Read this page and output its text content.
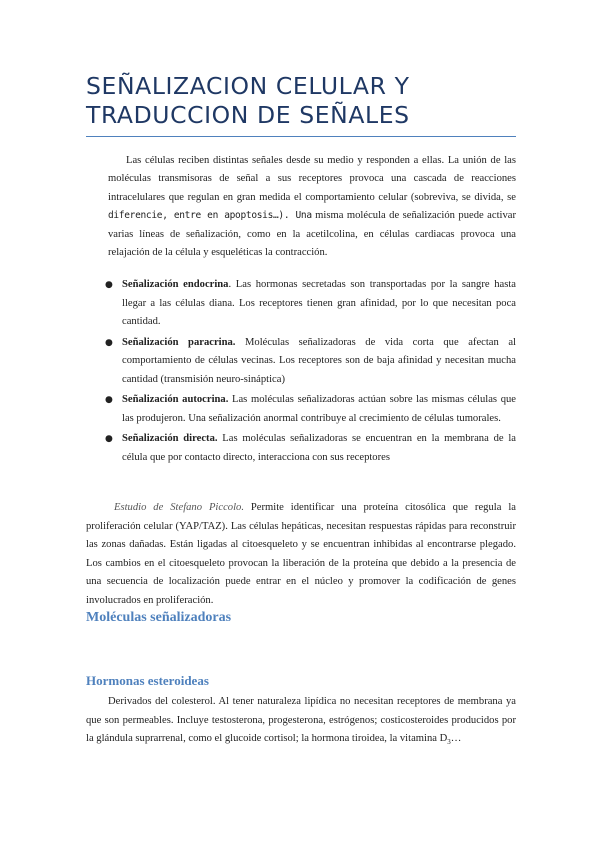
SEÑALIZACION CELULAR Y
TRADUCCION DE SEÑALES

Las células reciben distintas señales desde su medio y responden a ellas. La unión de las moléculas transmisoras de señal a sus receptores provoca una cascada de reacciones intracelulares que regulan en gran medida el comportamiento celular (sobreviva, se divida, se diferencie, entre en apoptosis…). Una misma molécula de señalización puede activar varias líneas de señalización, como en la acetilcolina, en células cardiacas provoca una relajación de la célula y esqueléticas la contracción.

● Señalización endocrina. Las hormonas secretadas son transportadas por la sangre hasta llegar a las células diana. Los receptores tienen gran afinidad, por lo que necesitan poca cantidad.
● Señalización paracrina. Moléculas señalizadoras de vida corta que afectan al comportamiento de células vecinas. Los receptores son de baja afinidad y necesitan mucha cantidad (transmisión neuro-sináptica)
● Señalización autocrina. Las moléculas señalizadoras actúan sobre las mismas células que las produjeron. Una señalización anormal contribuye al crecimiento de células tumorales.
● Señalización directa. Las moléculas señalizadoras se encuentran en la membrana de la célula que por contacto directo, interacciona con sus receptores

Estudio de Stefano Piccolo. Permite identificar una proteína citosólica que regula la proliferación celular (YAP/TAZ). Las células hepáticas, necesitan respuestas rápidas para reconstruir las zonas dañadas. Están ligadas al citoesqueleto y se encuentran inhibidas al encontrarse plegado. Los cambios en el citoesqueleto provocan la liberación de la proteína que debido a la presencia de una secuencia de localización puede entrar en el núcleo y promover la codificación de genes involucrados en proliferación.

Moléculas señalizadoras
Hormonas esteroideas

Derivados del colesterol. Al tener naturaleza lipídica no necesitan receptores de membrana ya que son permeables. Incluye testosterona, progesterona, estrógenos; costicosteroides producidos por la glándula suprarrenal, como el glucoide cortisol; la hormona tiroidea, la vitamina $D_3\dots$
